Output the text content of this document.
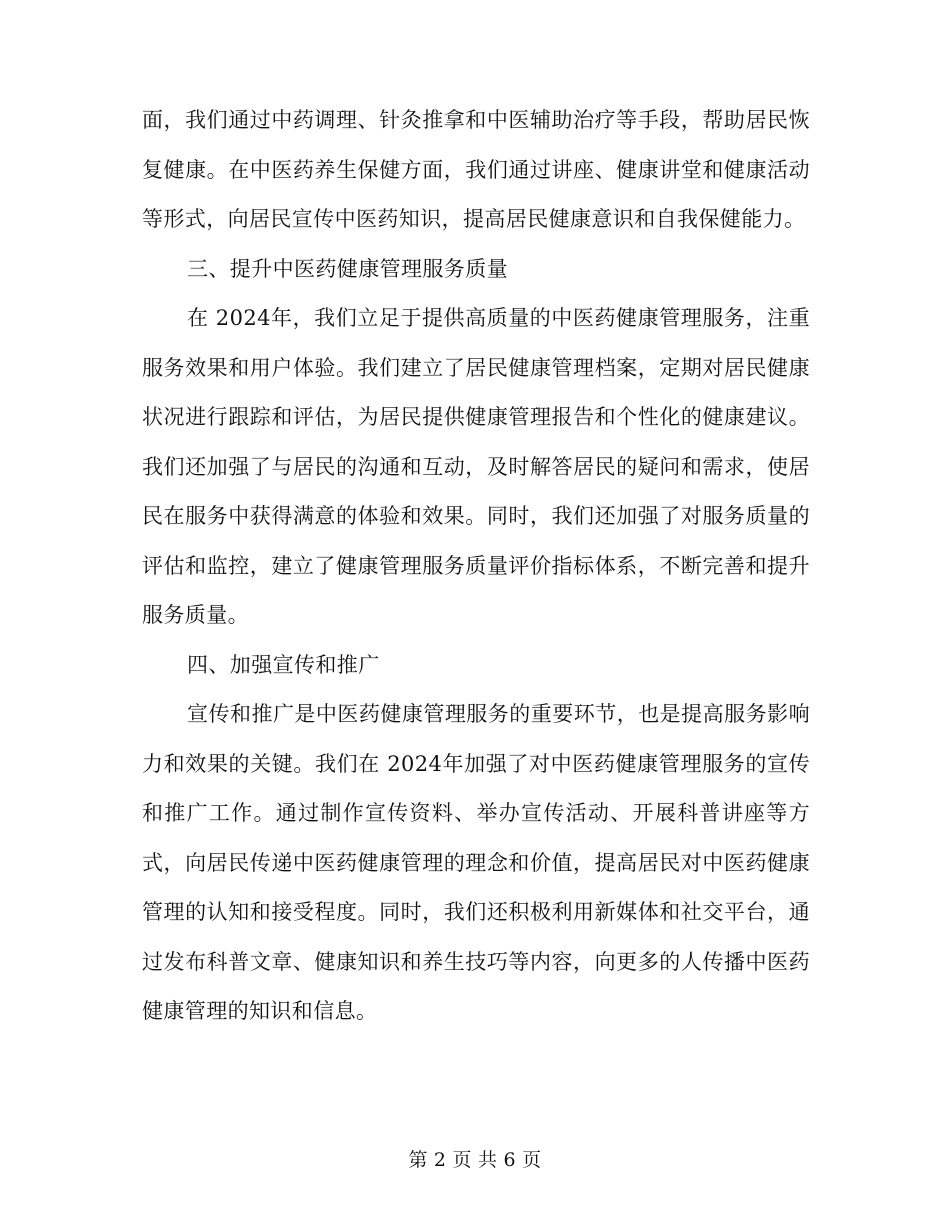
面，我们通过中药调理、针灸推拿和中医辅助治疗等手段，帮助居民恢复健康。在中医药养生保健方面，我们通过讲座、健康讲堂和健康活动等形式，向居民宣传中医药知识，提高居民健康意识和自我保健能力。

三、提升中医药健康管理服务质量

在 2024年，我们立足于提供高质量的中医药健康管理服务，注重服务效果和用户体验。我们建立了居民健康管理档案，定期对居民健康状况进行跟踪和评估，为居民提供健康管理报告和个性化的健康建议。我们还加强了与居民的沟通和互动，及时解答居民的疑问和需求，使居民在服务中获得满意的体验和效果。同时，我们还加强了对服务质量的评估和监控，建立了健康管理服务质量评价指标体系，不断完善和提升服务质量。

四、加强宣传和推广

宣传和推广是中医药健康管理服务的重要环节，也是提高服务影响力和效果的关键。我们在 2024年加强了对中医药健康管理服务的宣传和推广工作。通过制作宣传资料、举办宣传活动、开展科普讲座等方式，向居民传递中医药健康管理的理念和价值，提高居民对中医药健康管理的认知和接受程度。同时，我们还积极利用新媒体和社交平台，通过发布科普文章、健康知识和养生技巧等内容，向更多的人传播中医药健康管理的知识和信息。

第 2 页 共 6 页
